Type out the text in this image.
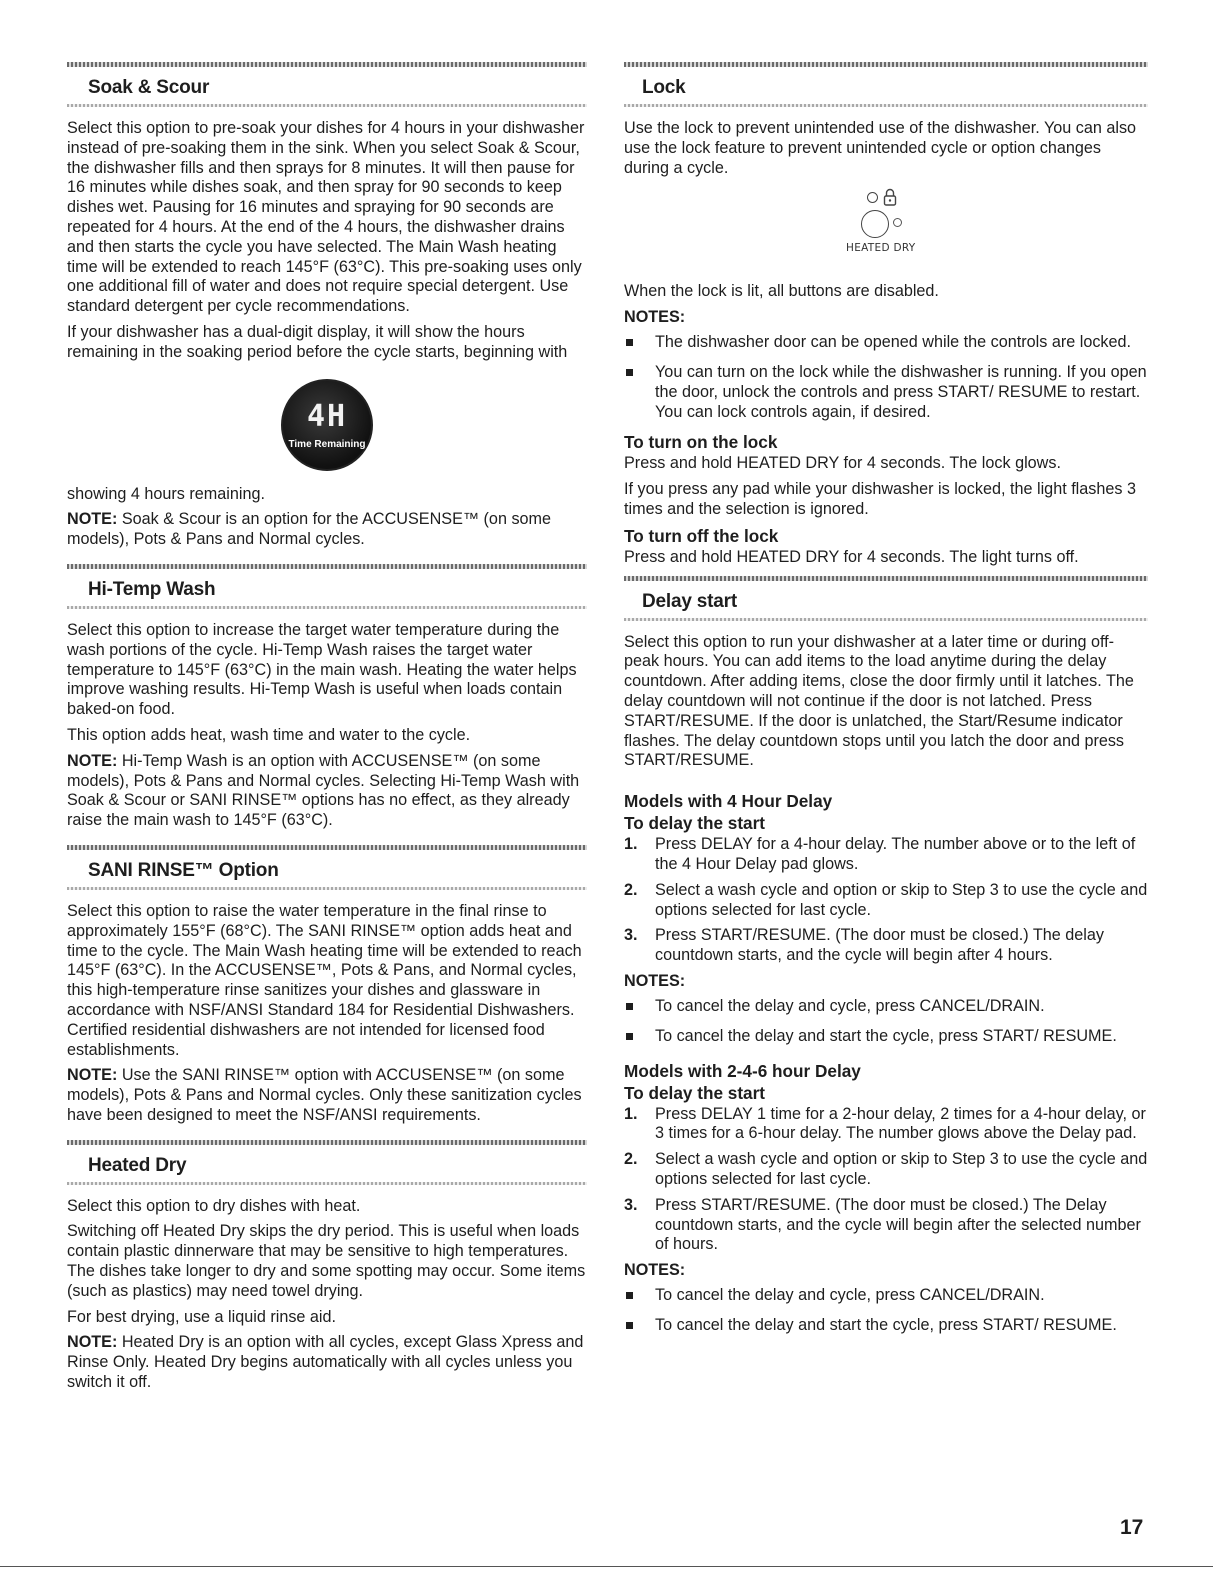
Soak & Scour

Select this option to pre-soak your dishes for 4 hours in your dishwasher instead of pre-soaking them in the sink. When you select Soak & Scour, the dishwasher fills and then sprays for 8 minutes. It will then pause for 16 minutes while dishes soak, and then spray for 90 seconds to keep dishes wet. Pausing for 16 minutes and spraying for 90 seconds are repeated for 4 hours. At the end of the 4 hours, the dishwasher drains and then starts the cycle you have selected. The Main Wash heating time will be extended to reach 145°F (63°C). This pre-soaking uses only one additional fill of water and does not require special detergent. Use standard detergent per cycle recommendations.

If your dishwasher has a dual-digit display, it will show the hours remaining in the soaking period before the cycle starts, beginning with

4H
Time Remaining

showing 4 hours remaining.

NOTE: Soak & Scour is an option for the ACCUSENSE™ (on some models), Pots & Pans and Normal cycles.

Hi-Temp Wash

Select this option to increase the target water temperature during the wash portions of the cycle. Hi-Temp Wash raises the target water temperature to 145°F (63°C) in the main wash. Heating the water helps improve washing results. Hi-Temp Wash is useful when loads contain baked-on food.

This option adds heat, wash time and water to the cycle.

NOTE: Hi-Temp Wash is an option with ACCUSENSE™ (on some models), Pots & Pans and Normal cycles. Selecting Hi-Temp Wash with Soak & Scour or SANI RINSE™ options has no effect, as they already raise the main wash to 145°F (63°C).

SANI RINSE™ Option

Select this option to raise the water temperature in the final rinse to approximately 155°F (68°C). The SANI RINSE™ option adds heat and time to the cycle. The Main Wash heating time will be extended to reach 145°F (63°C). In the ACCUSENSE™, Pots & Pans, and Normal cycles, this high-temperature rinse sanitizes your dishes and glassware in accordance with NSF/ANSI Standard 184 for Residential Dishwashers. Certified residential dishwashers are not intended for licensed food establishments.

NOTE: Use the SANI RINSE™ option with ACCUSENSE™ (on some models), Pots & Pans and Normal cycles. Only these sanitization cycles have been designed to meet the NSF/ANSI requirements.

Heated Dry

Select this option to dry dishes with heat.

Switching off Heated Dry skips the dry period. This is useful when loads contain plastic dinnerware that may be sensitive to high temperatures. The dishes take longer to dry and some spotting may occur. Some items (such as plastics) may need towel drying.

For best drying, use a liquid rinse aid.

NOTE: Heated Dry is an option with all cycles, except Glass Xpress and Rinse Only. Heated Dry begins automatically with all cycles unless you switch it off.

Lock

Use the lock to prevent unintended use of the dishwasher. You can also use the lock feature to prevent unintended cycle or option changes during a cycle.

HEATED DRY

When the lock is lit, all buttons are disabled.

NOTES:
The dishwasher door can be opened while the controls are locked.
You can turn on the lock while the dishwasher is running. If you open the door, unlock the controls and press START/ RESUME to restart. You can lock controls again, if desired.
To turn on the lock

Press and hold HEATED DRY for 4 seconds. The lock glows.

If you press any pad while your dishwasher is locked, the light flashes 3 times and the selection is ignored.

To turn off the lock

Press and hold HEATED DRY for 4 seconds. The light turns off.

Delay start

Select this option to run your dishwasher at a later time or during off-peak hours. You can add items to the load anytime during the delay countdown. After adding items, close the door firmly until it latches. The delay countdown will not continue if the door is not latched. Press START/RESUME. If the door is unlatched, the Start/Resume indicator flashes. The delay countdown stops until you latch the door and press START/RESUME.

Models with 4 Hour Delay
To delay the start
1. Press DELAY for a 4-hour delay. The number above or to the left of the 4 Hour Delay pad glows.
2. Select a wash cycle and option or skip to Step 3 to use the cycle and options selected for last cycle.
3. Press START/RESUME. (The door must be closed.) The delay countdown starts, and the cycle will begin after 4 hours.
NOTES:
To cancel the delay and cycle, press CANCEL/DRAIN.
To cancel the delay and start the cycle, press START/ RESUME.
Models with 2-4-6 hour Delay
To delay the start
1. Press DELAY 1 time for a 2-hour delay, 2 times for a 4-hour delay, or 3 times for a 6-hour delay. The number glows above the Delay pad.
2. Select a wash cycle and option or skip to Step 3 to use the cycle and options selected for last cycle.
3. Press START/RESUME. (The door must be closed.) The Delay countdown starts, and the cycle will begin after the selected number of hours.
NOTES:
To cancel the delay and cycle, press CANCEL/DRAIN.
To cancel the delay and start the cycle, press START/ RESUME.
17
